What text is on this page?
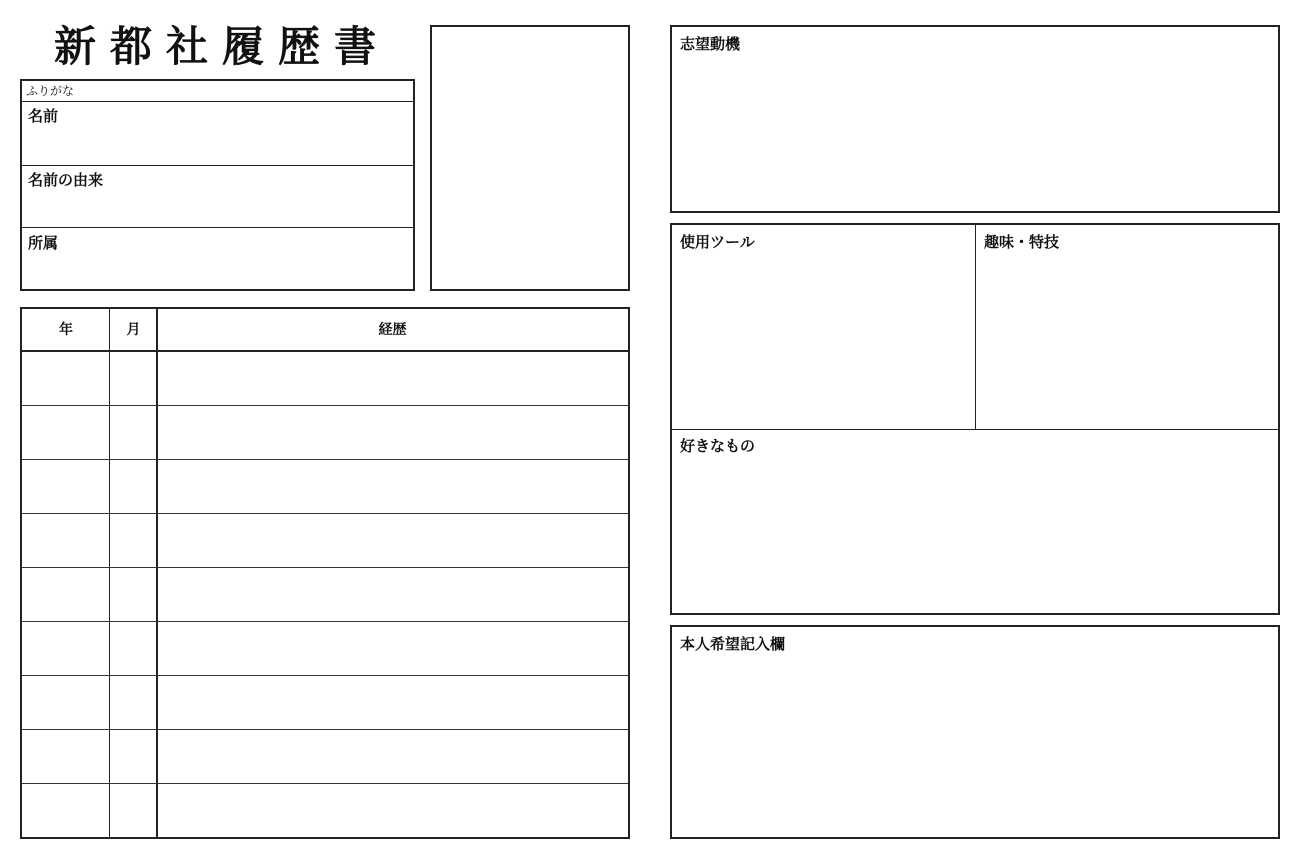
新都社履歴書
ふりがな
名前
名前の由来
所属
年	月	経歴
志望動機
使用ツール	趣味・特技
好きなもの
本人希望記入欄
